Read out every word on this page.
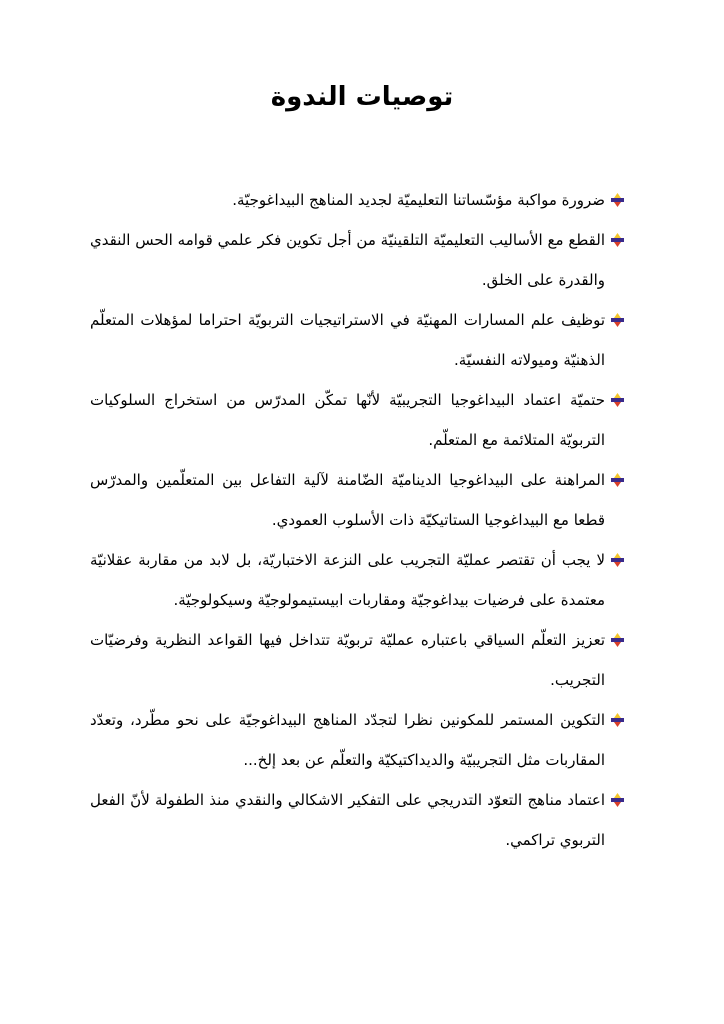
توصيات الندوة
ضرورة مواكبة مؤسّساتنا التعليميّة لجديد المناهج البيداغوجيّة.
القطع مع الأساليب التعليميّة التلقينيّة من أجل تكوين فكر علمي قوامه الحس النقدي والقدرة على الخلق.
توظيف علم المسارات المهنيّة في الاستراتيجيات التربويّة احتراما لمؤهلات المتعلّم الذهنيّة وميولاته النفسيّة.
حتميّة اعتماد البيداغوجيا التجريبيّة لأنّها تمكّن المدرّس من استخراج السلوكيات التربويّة المتلائمة مع المتعلّم.
المراهنة على البيداغوجيا الديناميّة الضّامنة لآلية التفاعل بين المتعلّمين والمدرّس قطعا مع البيداغوجيا الستاتيكيّة ذات الأسلوب العمودي.
لا يجب أن تقتصر عمليّة التجريب على النزعة الاختباريّة، بل لابد من مقاربة عقلانيّة معتمدة على فرضيات بيداغوجيّة ومقاربات ابيستيمولوجيّة وسيكولوجيّة.
تعزيز التعلّم السياقي باعتباره عمليّة تربويّة تتداخل فيها القواعد النظرية وفرضيّات التجريب.
التكوين المستمر للمكونين نظرا لتجدّد المناهج البيداغوجيّة على نحو مطّرد، وتعدّد المقاربات مثل التجريبيّة والديداكتيكيّة والتعلّم عن بعد إلخ...
اعتماد مناهج التعوّد التدريجي على التفكير الاشكالي والنقدي منذ الطفولة لأنّ الفعل التربوي تراكمي.
